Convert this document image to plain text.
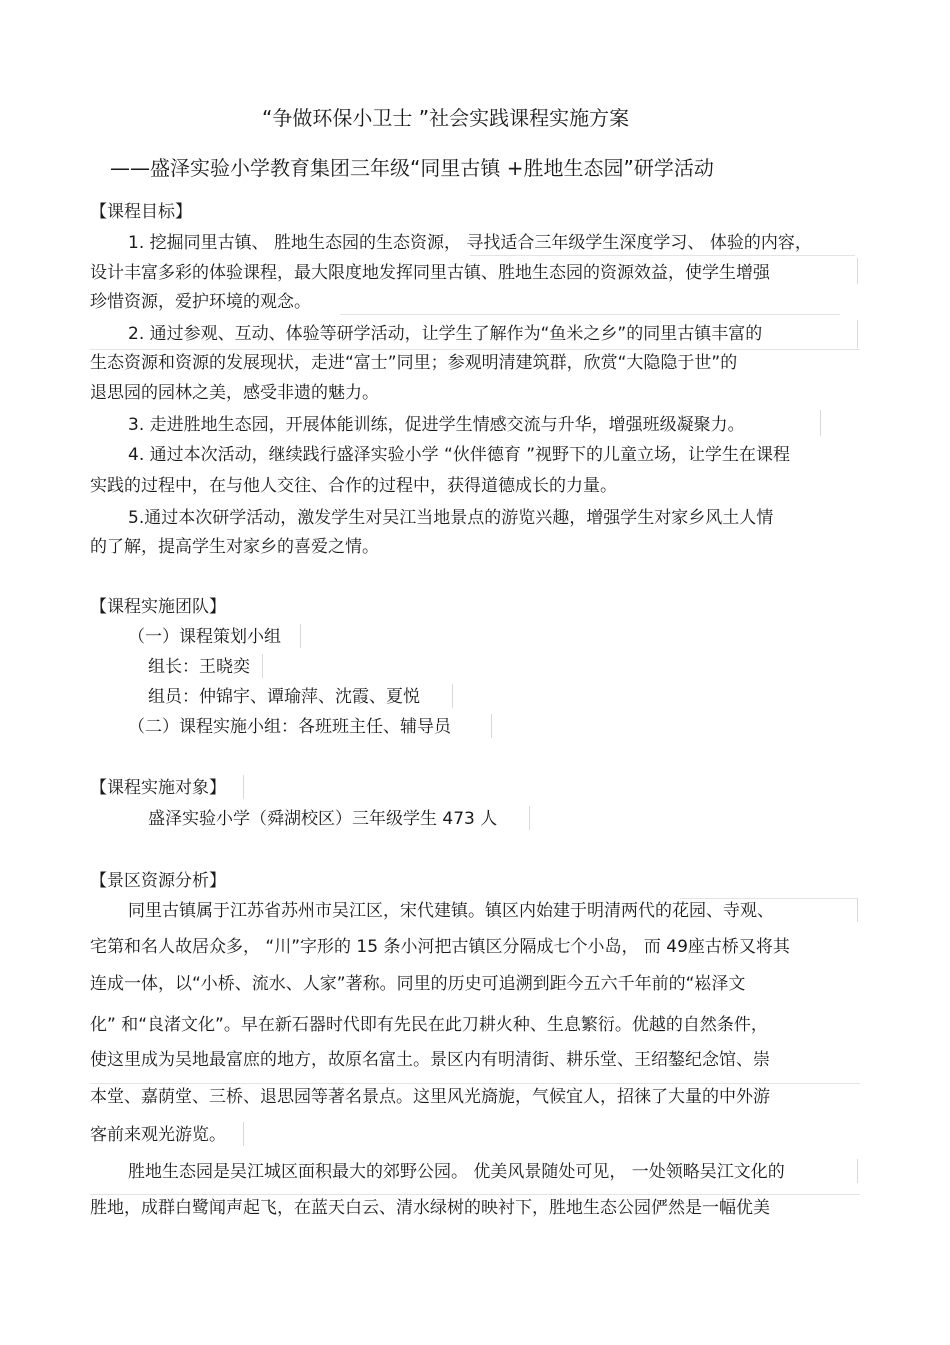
“争做环保小卫士 ”社会实践课程实施方案
——盛泽实验小学教育集团三年级“同里古镇 +胜地生态园”研学活动
【课程目标】
1. 挖掘同里古镇、 胜地生态园的生态资源， 寻找适合三年级学生深度学习、 体验的内容，
设计丰富多彩的体验课程，最大限度地发挥同里古镇、胜地生态园的资源效益，使学生增强
珍惜资源，爱护环境的观念。
2. 通过参观、互动、体验等研学活动，让学生了解作为“鱼米之乡”的同里古镇丰富的
生态资源和资源的发展现状，走进“富士”同里；参观明清建筑群，欣赏“大隐隐于世”的
退思园的园林之美，感受非遗的魅力。
3. 走进胜地生态园，开展体能训练，促进学生情感交流与升华，增强班级凝聚力。
4. 通过本次活动，继续践行盛泽实验小学 “伙伴德育 ”视野下的儿童立场，让学生在课程
实践的过程中，在与他人交往、合作的过程中，获得道德成长的力量。
5.通过本次研学活动，激发学生对吴江当地景点的游览兴趣，增强学生对家乡风土人情
的了解，提高学生对家乡的喜爱之情。
【课程实施团队】
（一）课程策划小组
组长：王晓奕
组员：仲锦宇、谭瑜萍、沈霞、夏悦
（二）课程实施小组：各班班主任、辅导员
【课程实施对象】
盛泽实验小学（舜湖校区）三年级学生 473 人
【景区资源分析】
同里古镇属于江苏省苏州市吴江区，宋代建镇。镇区内始建于明清两代的花园、寺观、
宅第和名人故居众多， “川”字形的 15 条小河把古镇区分隔成七个小岛， 而 49座古桥又将其
连成一体，以“小桥、流水、人家”著称。同里的历史可追溯到距今五六千年前的“崧泽文
化” 和“良渚文化”。早在新石器时代即有先民在此刀耕火种、生息繁衍。优越的自然条件，
使这里成为吴地最富庶的地方，故原名富土。景区内有明清街、耕乐堂、王绍鏊纪念馆、崇
本堂、嘉荫堂、三桥、退思园等著名景点。这里风光旖旎，气候宜人，招徕了大量的中外游
客前来观光游览。
胜地生态园是吴江城区面积最大的郊野公园。 优美风景随处可见， 一处领略吴江文化的
胜地，成群白鹭闻声起飞，在蓝天白云、清水绿树的映衬下，胜地生态公园俨然是一幅优美
